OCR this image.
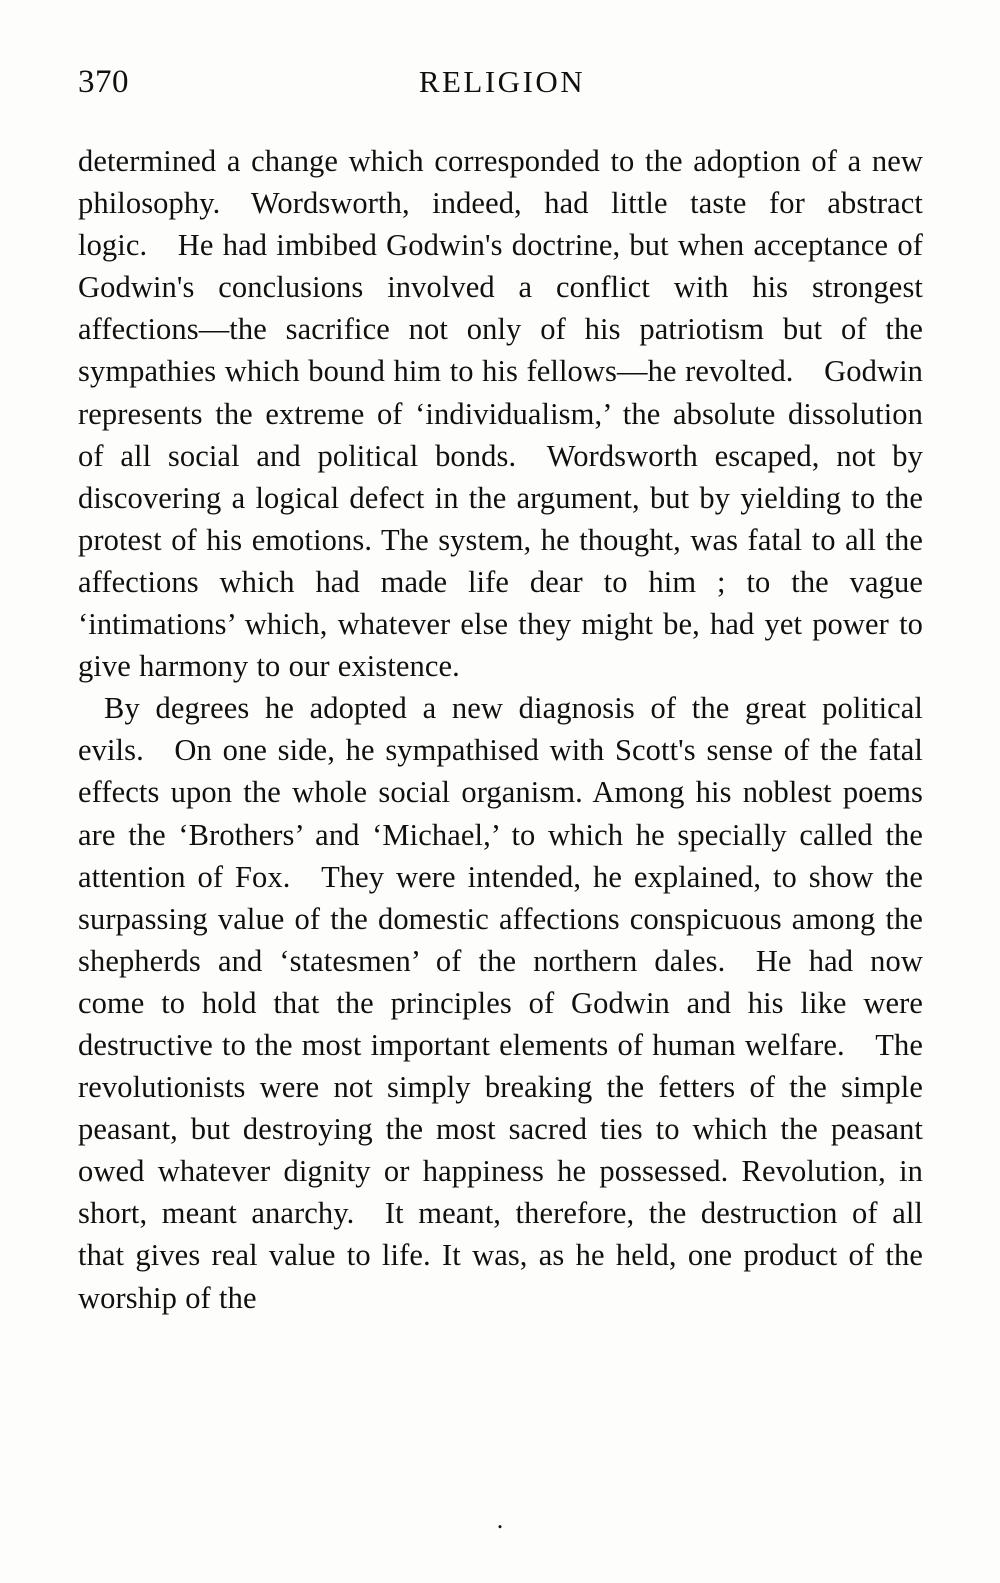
370	RELIGION

determined a change which corresponded to the adoption of a new philosophy. Wordsworth, indeed, had little taste for abstract logic. He had imbibed Godwin's doctrine, but when acceptance of Godwin's conclusions involved a conflict with his strongest affections—the sacrifice not only of his patriotism but of the sympathies which bound him to his fellows—he revolted. Godwin represents the extreme of ‘individualism,’ the absolute dissolution of all social and political bonds. Wordsworth escaped, not by discovering a logical defect in the argument, but by yielding to the protest of his emotions. The system, he thought, was fatal to all the affections which had made life dear to him ; to the vague ‘intimations’ which, whatever else they might be, had yet power to give harmony to our existence.

By degrees he adopted a new diagnosis of the great political evils. On one side, he sympathised with Scott's sense of the fatal effects upon the whole social organism. Among his noblest poems are the ‘Brothers’ and ‘Michael,’ to which he specially called the attention of Fox. They were intended, he explained, to show the surpassing value of the domestic affections conspicuous among the shepherds and ‘statesmen’ of the northern dales. He had now come to hold that the principles of Godwin and his like were destructive to the most important elements of human welfare. The revolutionists were not simply breaking the fetters of the simple peasant, but destroying the most sacred ties to which the peasant owed whatever dignity or happiness he possessed. Revolution, in short, meant anarchy. It meant, therefore, the destruction of all that gives real value to life. It was, as he held, one product of the worship of the

.
